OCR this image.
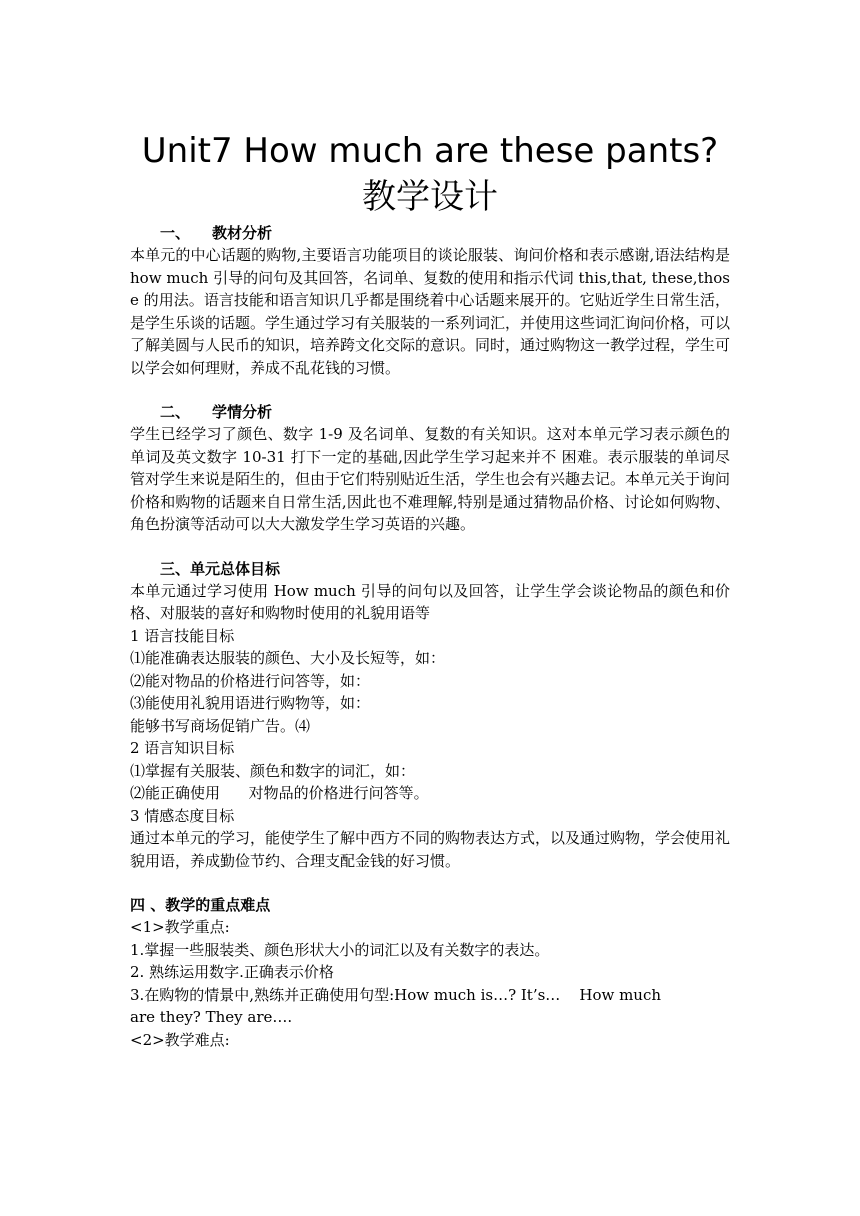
Unit7 How much are these pants? 教学设计
一、 教材分析

本单元的中心话题的购物,主要语言功能项目的谈论服装、询问价格和表示感谢,语法结构是 how much 引导的问句及其回答，名词单、复数的使用和指示代词 this,that, these,those 的用法。语言技能和语言知识几乎都是围绕着中心话题来展开的。它贴近学生日常生活，是学生乐谈的话题。学生通过学习有关服装的一系列词汇，并使用这些词汇询问价格，可以了解美圆与人民币的知识，培养跨文化交际的意识。同时，通过购物这一教学过程，学生可以学会如何理财，养成不乱花钱的习惯。

二、 学情分析

学生已经学习了颜色、数字 1-9 及名词单、复数的有关知识。这对本单元学习表示颜色的单词及英文数字 10-31 打下一定的基础,因此学生学习起来并不 困难。表示服装的单词尽管对学生来说是陌生的，但由于它们特别贴近生活，学生也会有兴趣去记。本单元关于询问价格和购物的话题来自日常生活,因此也不难理解,特别是通过猜物品价格、讨论如何购物、角色扮演等活动可以大大激发学生学习英语的兴趣。

三、单元总体目标

本单元通过学习使用 How much 引导的问句以及回答，让学生学会谈论物品的颜色和价格、对服装的喜好和购物时使用的礼貌用语等

1 语言技能目标

⑴能准确表达服装的颜色、大小及长短等，如：

⑵能对物品的价格进行问答等，如：

⑶能使用礼貌用语进行购物等，如：

能够书写商场促销广告。⑷

2 语言知识目标

⑴掌握有关服装、颜色和数字的词汇，如：

⑵能正确使用      对物品的价格进行问答等。

3 情感态度目标

通过本单元的学习，能使学生了解中西方不同的购物表达方式，以及通过购物，学会使用礼貌用语，养成勤俭节约、合理支配金钱的好习惯。

四 、教学的重点难点

<1>教学重点:

1.掌握一些服装类、颜色形状大小的词汇以及有关数字的表达。

2. 熟练运用数字.正确表示价格

3.在购物的情景中,熟练并正确使用句型:How much is…? It’s…    How much

are they? They are….

<2>教学难点:
